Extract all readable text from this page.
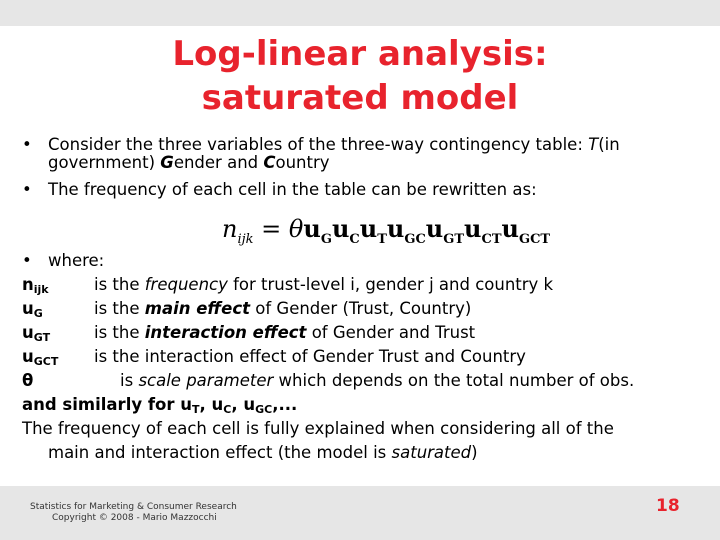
Log-linear analysis:
saturated model

• Consider the three variables of the three-way contingency table: T(in government) Gender and Country

• The frequency of each cell in the table can be rewritten as:

$n_{ijk} = \theta u_Gu_Cu_Tu_{GC}u_{GT}u_{CT}u_{GCT}$
• where:
$n_{ijk}$	is the frequency for trust-level i, gender j and country k
$u_G$	is the main effect of Gender (Trust, Country)
$u_{GT}$	is the interaction effect of Gender and Trust
$u_{GCT}$ is the interaction effect of Gender Trust and Country
θ	is scale parameter which depends on the total number of obs.
and similarly for $u_T$, $u_C$, $u_{GC}$,...
The frequency of each cell is fully explained when considering all of the
main and interaction effect (the model is saturated)
Statistics for Marketing & Consumer Research
Copyright © 2008 - Mario Mazzocchi
18
